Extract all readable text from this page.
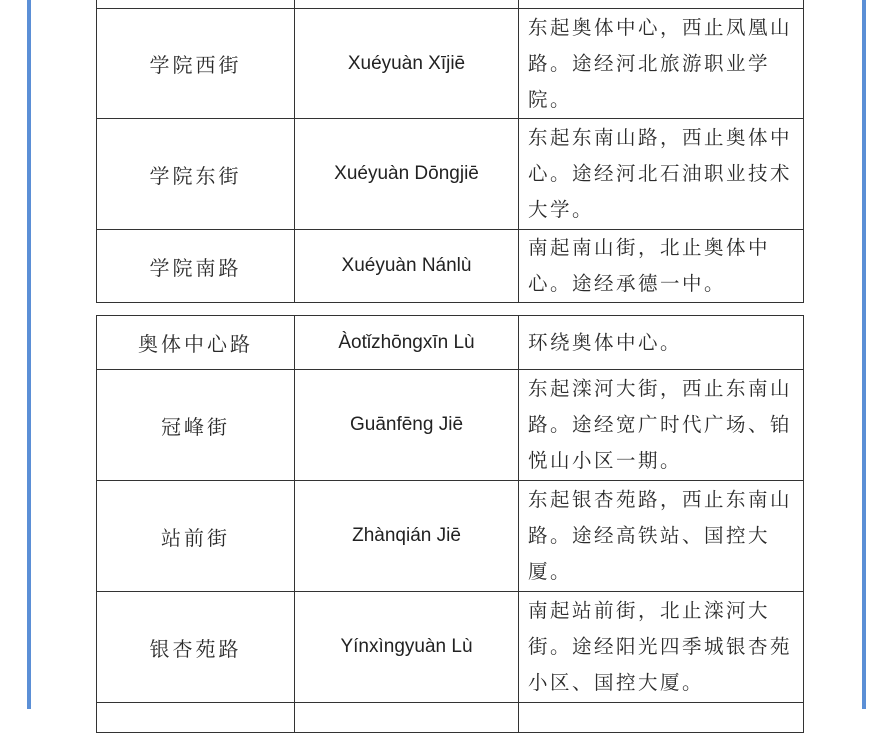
学院西街	Xuéyuàn Xījiē	东起奥体中心，西止凤凰山路。途经河北旅游职业学院。

学院东街	Xuéyuàn Dōngjiē	东起东南山路，西止奥体中心。途经河北石油职业技术大学。

学院南路	Xuéyuàn Nánlù	南起南山街，北止奥体中心。途经承德一中。
奥体中心路	Àotǐzhōngxīn Lù	环绕奥体中心。

冠峰街	Guānfēng Jiē	东起滦河大街，西止东南山路。途经宽广时代广场、铂悦山小区一期。

站前街	Zhànqián Jiē	东起银杏苑路，西止东南山路。途经高铁站、国控大厦。

银杏苑路	Yínxìngyuàn Lù	南起站前街，北止滦河大街。途经阳光四季城银杏苑小区、国控大厦。
